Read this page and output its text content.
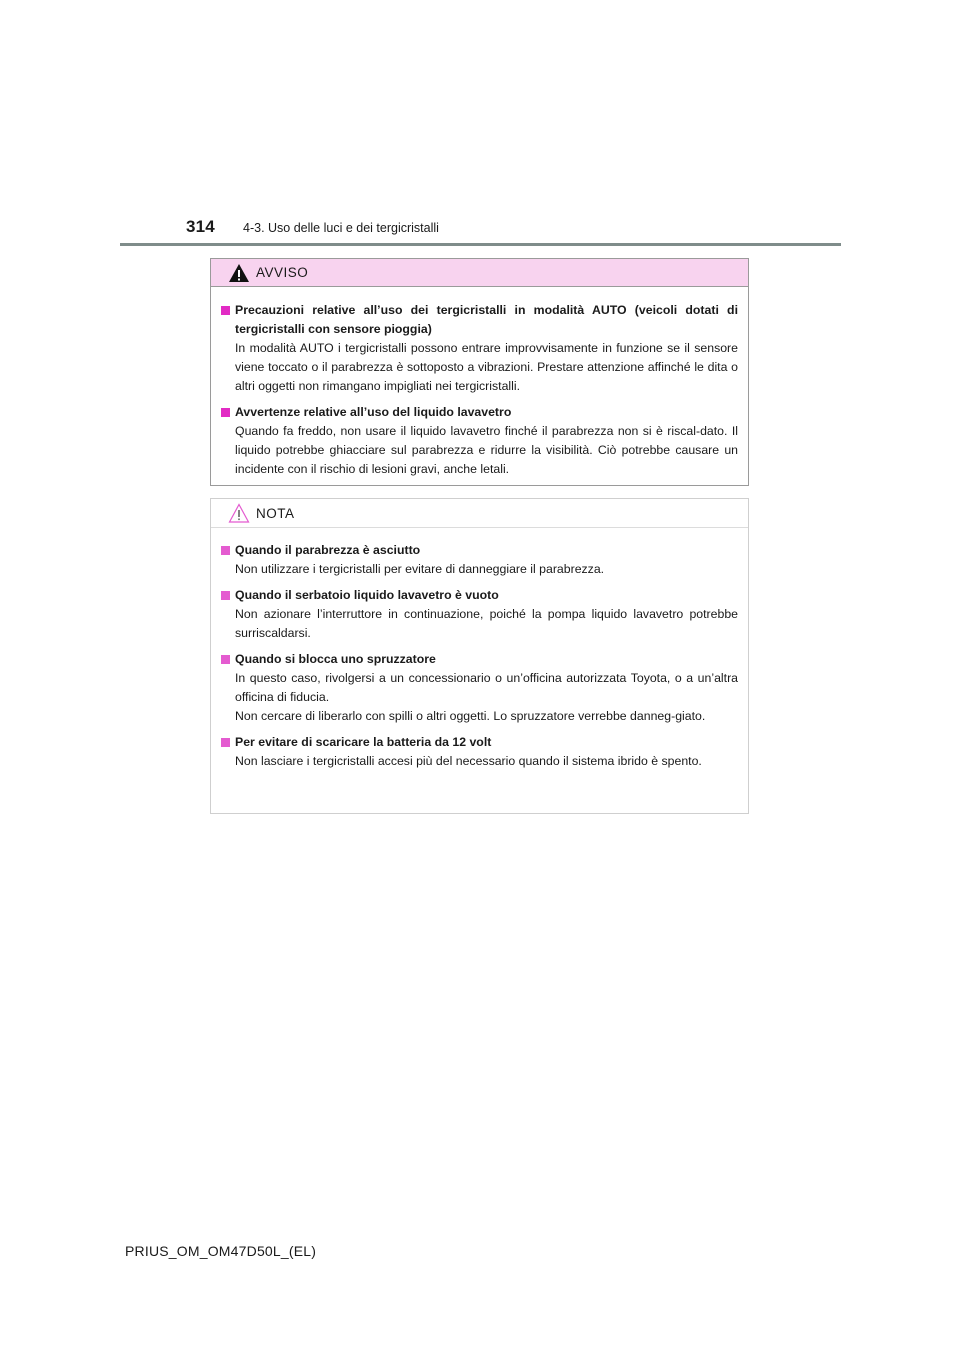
314 4-3. Uso delle luci e dei tergicristalli
AVVISO
Precauzioni relative all’uso dei tergicristalli in modalità AUTO (veicoli dotati di tergicristalli con sensore pioggia)
In modalità AUTO i tergicristalli possono entrare improvvisamente in funzione se il sensore viene toccato o il parabrezza è sottoposto a vibrazioni. Prestare attenzione affinché le dita o altri oggetti non rimangano impigliati nei tergicristalli.
Avvertenze relative all’uso del liquido lavavetro
Quando fa freddo, non usare il liquido lavavetro finché il parabrezza non si è riscal-dato. Il liquido potrebbe ghiacciare sul parabrezza e ridurre la visibilità. Ciò potrebbe causare un incidente con il rischio di lesioni gravi, anche letali.
NOTA
Quando il parabrezza è asciutto
Non utilizzare i tergicristalli per evitare di danneggiare il parabrezza.
Quando il serbatoio liquido lavavetro è vuoto
Non azionare l’interruttore in continuazione, poiché la pompa liquido lavavetro potrebbe surriscaldarsi.
Quando si blocca uno spruzzatore
In questo caso, rivolgersi a un concessionario o un’officina autorizzata Toyota, o a un’altra officina di fiducia.
Non cercare di liberarlo con spilli o altri oggetti. Lo spruzzatore verrebbe danneg-giato.
Per evitare di scaricare la batteria da 12 volt
Non lasciare i tergicristalli accesi più del necessario quando il sistema ibrido è spento.
PRIUS_OM_OM47D50L_(EL)
